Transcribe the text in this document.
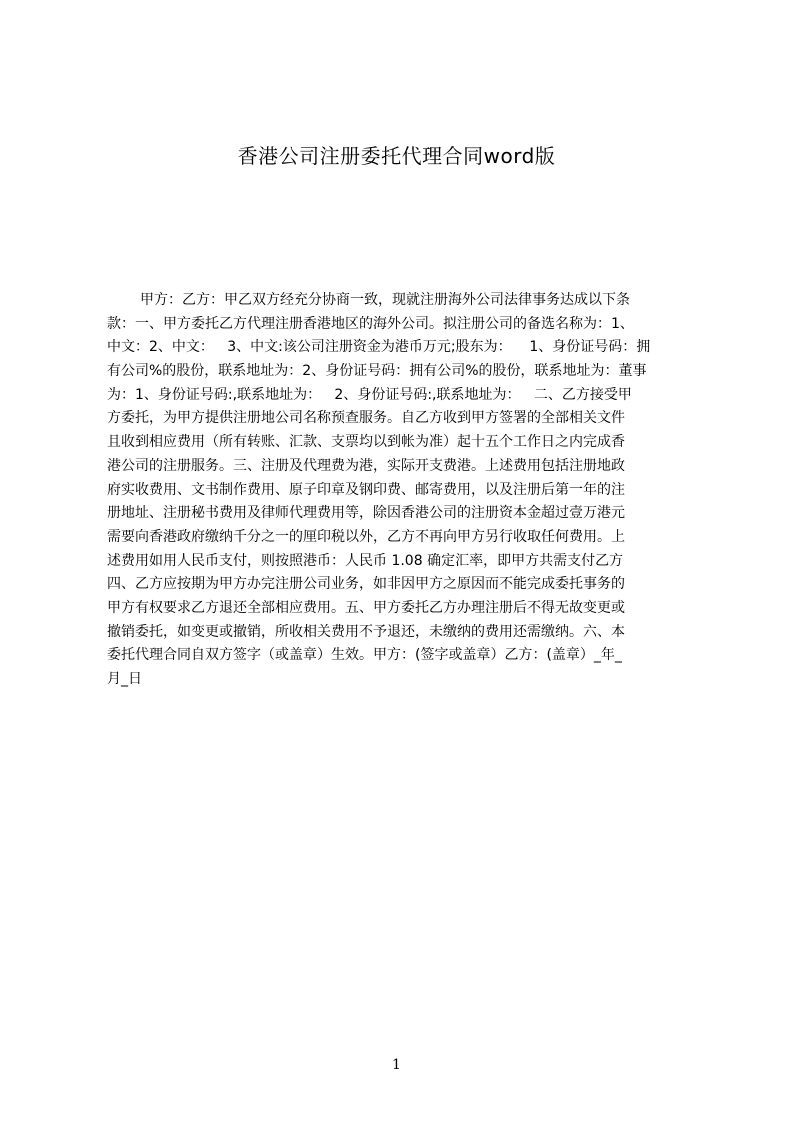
香港公司注册委托代理合同word版
甲方：乙方：甲乙双方经充分协商一致，现就注册海外公司法律事务达成以下条
款：一、甲方委托乙方代理注册香港地区的海外公司。拟注册公司的备选名称为：1、
中文：2、中文：   3、中文:该公司注册资金为港币万元;股东为：    1、身份证号码：拥
有公司%的股份，联系地址为：2、身份证号码：拥有公司%的股份，联系地址为：董事
为：1、身份证号码:,联系地址为：   2、身份证号码:,联系地址为：   二、乙方接受甲
方委托，为甲方提供注册地公司名称预查服务。自乙方收到甲方签署的全部相关文件
且收到相应费用（所有转账、汇款、支票均以到帐为准）起十五个工作日之内完成香
港公司的注册服务。三、注册及代理费为港，实际开支费港。上述费用包括注册地政
府实收费用、文书制作费用、原子印章及钢印费、邮寄费用，以及注册后第一年的注
册地址、注册秘书费用及律师代理费用等，除因香港公司的注册资本金超过壹万港元
需要向香港政府缴纳千分之一的厘印税以外，乙方不再向甲方另行收取任何费用。上
述费用如用人民币支付，则按照港币：人民币 1.08 确定汇率，即甲方共需支付乙方
四、乙方应按期为甲方办完注册公司业务，如非因甲方之原因而不能完成委托事务的
甲方有权要求乙方退还全部相应费用。五、甲方委托乙方办理注册后不得无故变更或
撤销委托，如变更或撤销，所收相关费用不予退还，未缴纳的费用还需缴纳。六、本
委托代理合同自双方签字（或盖章）生效。甲方：(签字或盖章）乙方：(盖章）_年_
月_日
1
